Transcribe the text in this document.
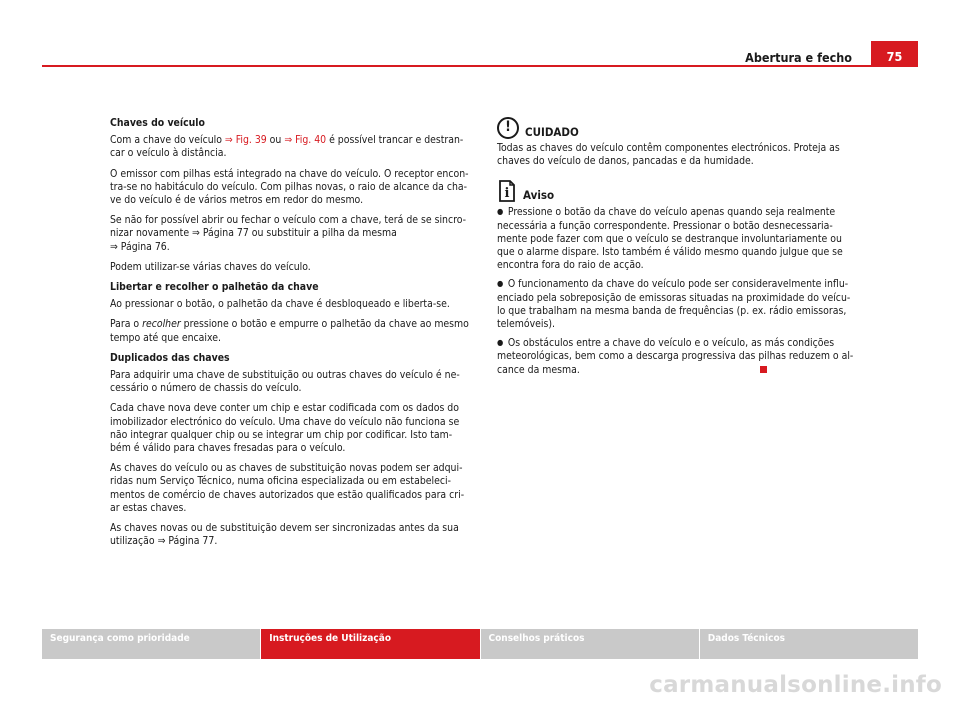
Abertura e fecho	75

Chaves do veículo

Com a chave do veículo ⇒ Fig. 39 ou ⇒ Fig. 40 é possível trancar e destran-
car o veículo à distância.

O emissor com pilhas está integrado na chave do veículo. O receptor encon-
tra-se no habitáculo do veículo. Com pilhas novas, o raio de alcance da cha-
ve do veículo é de vários metros em redor do mesmo.

Se não for possível abrir ou fechar o veículo com a chave, terá de se sincro-
nizar novamente ⇒ Página 77 ou substituir a pilha da mesma
⇒ Página 76.

Podem utilizar-se várias chaves do veículo.

Libertar e recolher o palhetão da chave

Ao pressionar o botão, o palhetão da chave é desbloqueado e liberta-se.

Para o recolher pressione o botão e empurre o palhetão da chave ao mesmo
tempo até que encaixe.

Duplicados das chaves

Para adquirir uma chave de substituição ou outras chaves do veículo é ne-
cessário o número de chassis do veículo.

Cada chave nova deve conter um chip e estar codificada com os dados do
imobilizador electrónico do veículo. Uma chave do veículo não funciona se
não integrar qualquer chip ou se integrar um chip por codificar. Isto tam-
bém é válido para chaves fresadas para o veículo.

As chaves do veículo ou as chaves de substituição novas podem ser adqui-
ridas num Serviço Técnico, numa oficina especializada ou em estabeleci-
mentos de comércio de chaves autorizados que estão qualificados para cri-
ar estas chaves.

As chaves novas ou de substituição devem ser sincronizadas antes da sua
utilização ⇒ Página 77.

!	CUIDADO

Todas as chaves do veículo contêm componentes electrónicos. Proteja as
chaves do veículo de danos, pancadas e da humidade.

i Aviso

●  Pressione o botão da chave do veículo apenas quando seja realmente
necessária a função correspondente. Pressionar o botão desnecessaria-
mente pode fazer com que o veículo se destranque involuntariamente ou
que o alarme dispare. Isto também é válido mesmo quando julgue que se
encontra fora do raio de acção.

●  O funcionamento da chave do veículo pode ser consideravelmente influ-
enciado pela sobreposição de emissoras situadas na proximidade do veícu-
lo que trabalham na mesma banda de frequências (p. ex. rádio emissoras,
telemóveis).

●  Os obstáculos entre a chave do veículo e o veículo, as más condições
meteorológicas, bem como a descarga progressiva das pilhas reduzem o al-
cance da mesma.

Segurança como prioridade	Instruções de Utilização	Conselhos práticos	Dados Técnicos
carmanualsonline.info
